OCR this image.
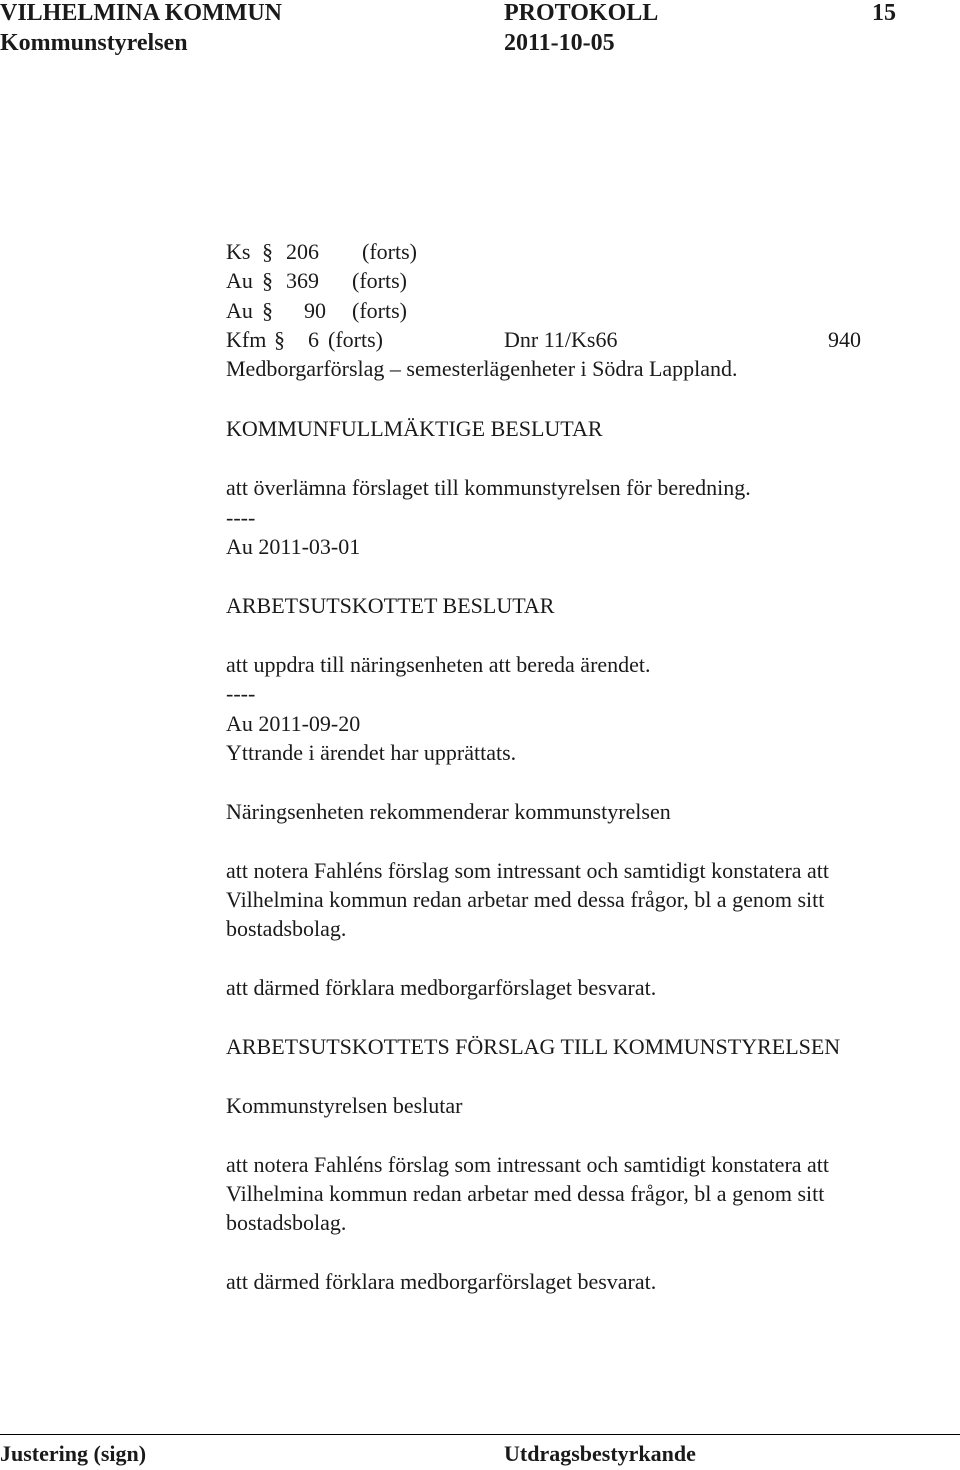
VILHELMINA KOMMUN	PROTOKOLL	15
Kommunstyrelsen	2011-10-05
Ks § 206 (forts)
Au § 369 (forts)
Au § 90 (forts)
Kfm § 6 (forts)	Dnr 11/Ks66	940
Medborgarförslag – semesterlägenheter i Södra Lappland.
KOMMUNFULLMÄKTIGE BESLUTAR
att överlämna förslaget till kommunstyrelsen för beredning.
----
Au 2011-03-01
ARBETSUTSKOTTET BESLUTAR
att uppdra till näringsenheten att bereda ärendet.
----
Au 2011-09-20
Yttrande i ärendet har upprättats.
Näringsenheten rekommenderar kommunstyrelsen
att notera Fahléns förslag som intressant och samtidigt konstatera att
Vilhelmina kommun redan arbetar med dessa frågor, bl a genom sitt
bostadsbolag.
att därmed förklara medborgarförslaget besvarat.
ARBETSUTSKOTTETS FÖRSLAG TILL KOMMUNSTYRELSEN
Kommunstyrelsen beslutar
att notera Fahléns förslag som intressant och samtidigt konstatera att
Vilhelmina kommun redan arbetar med dessa frågor, bl a genom sitt
bostadsbolag.
att därmed förklara medborgarförslaget besvarat.
Justering (sign)	Utdragsbestyrkande
